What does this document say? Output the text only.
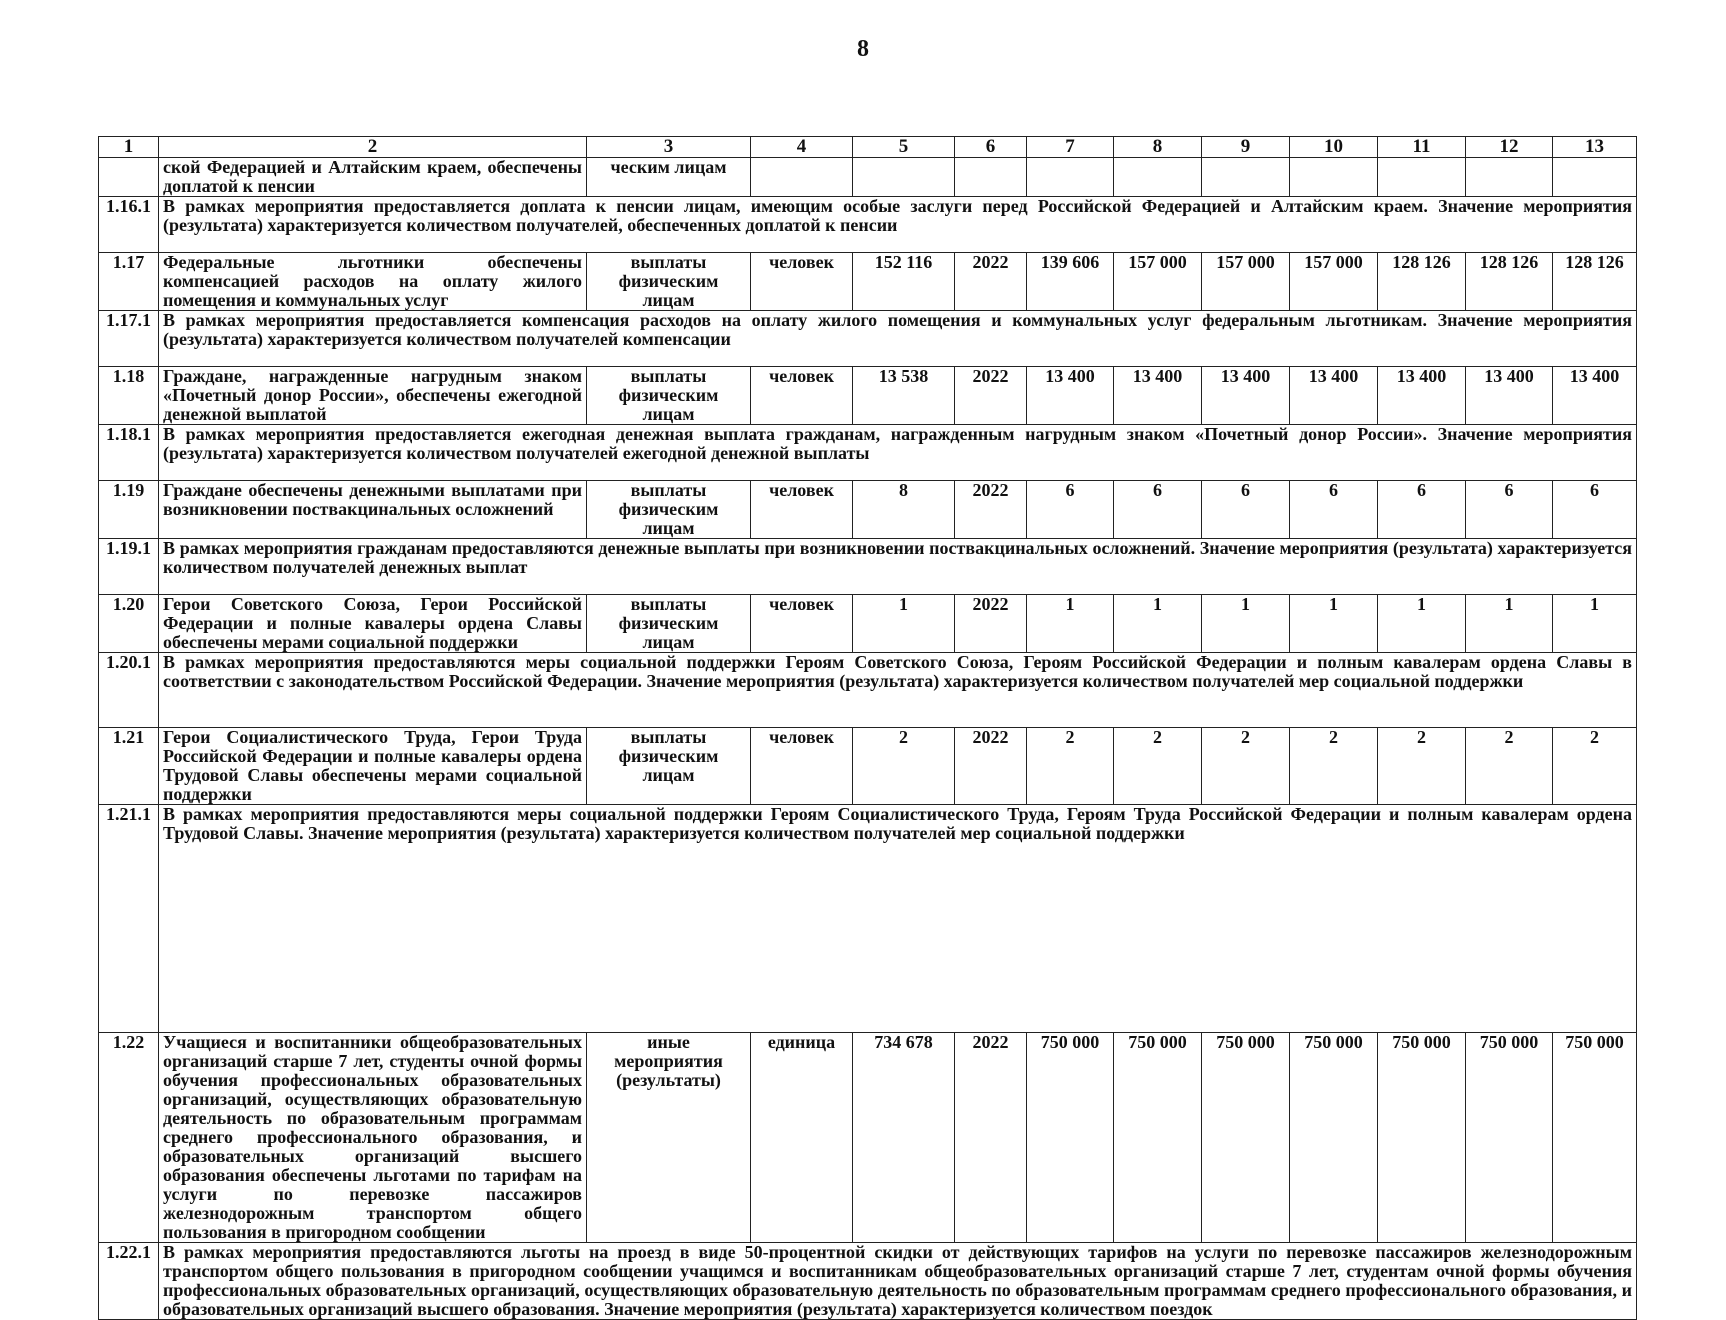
8
1	2	3	4	5	6	7	8	9	10	11	12	13
	ской Федерацией и Алтайским краем, обеспечены доплатой к пенсии	ческим лицам										
1.16.1	В рамках мероприятия предоставляется доплата к пенсии лицам, имеющим особые заслуги перед Российской Федерацией и Алтайским краем. Значение мероприятия (результата) характеризуется количеством получателей, обеспеченных доплатой к пенсии											
1.17	Федеральные льготники обеспечены компенсацией расходов на оплату жилого помещения и коммунальных услуг	выплаты физическим лицам	человек	152 116	2022	139 606	157 000	157 000	157 000	128 126	128 126	128 126
1.17.1	В рамках мероприятия предоставляется компенсация расходов на оплату жилого помещения и коммунальных услуг федеральным льготникам. Значение мероприятия (результата) характеризуется количеством получателей компенсации											
1.18	Граждане, награжденные нагрудным знаком «Почетный донор России», обеспечены ежегодной денежной выплатой	выплаты физическим лицам	человек	13 538	2022	13 400	13 400	13 400	13 400	13 400	13 400	13 400
1.18.1	В рамках мероприятия предоставляется ежегодная денежная выплата гражданам, награжденным нагрудным знаком «Почетный донор России». Значение мероприятия (результата) характеризуется количеством получателей ежегодной денежной выплаты											
1.19	Граждане обеспечены денежными выплатами при возникновении поствакцинальных осложнений	выплаты физическим лицам	человек	8	2022	6	6	6	6	6	6	6
1.19.1	В рамках мероприятия гражданам предоставляются денежные выплаты при возникновении поствакцинальных осложнений. Значение мероприятия (результата) характеризуется количеством получателей денежных выплат											
1.20	Герои Советского Союза, Герои Российской Федерации и полные кавалеры ордена Славы обеспечены мерами социальной поддержки	выплаты физическим лицам	человек	1	2022	1	1	1	1	1	1	1
1.20.1	В рамках мероприятия предоставляются меры социальной поддержки Героям Советского Союза, Героям Российской Федерации и полным кавалерам ордена Славы в соответствии с законодательством Российской Федерации. Значение мероприятия (результата) характеризуется количеством получателей мер социальной поддержки											
1.21	Герои Социалистического Труда, Герои Труда Российской Федерации и полные кавалеры ордена Трудовой Славы обеспечены мерами социальной поддержки	выплаты физическим лицам	человек	2	2022	2	2	2	2	2	2	2
1.21.1	В рамках мероприятия предоставляются меры социальной поддержки Героям Социалистического Труда, Героям Труда Российской Федерации и полным кавалерам ордена Трудовой Славы. Значение мероприятия (результата) характеризуется количеством получателей мер социальной поддержки											
1.22	Учащиеся и воспитанники общеобразовательных организаций старше 7 лет, студенты очной формы обучения профессиональных образовательных организаций, осуществляющих образовательную деятельность по образовательным программам среднего профессионального образования, и образовательных организаций высшего образования обеспечены льготами по тарифам на услуги по перевозке пассажиров железнодорожным транспортом общего пользования в пригородном сообщении	иные мероприятия (результаты)	единица	734 678	2022	750 000	750 000	750 000	750 000	750 000	750 000	750 000
1.22.1	В рамках мероприятия предоставляются льготы на проезд в виде 50-процентной скидки от действующих тарифов на услуги по перевозке пассажиров железнодорожным транспортом общего пользования в пригородном сообщении учащимся и воспитанникам общеобразовательных организаций старше 7 лет, студентам очной формы обучения профессиональных образовательных организаций, осуществляющих образовательную деятельность по образовательным программам среднего профессионального образования, и образовательных организаций высшего образования. Значение мероприятия (результата) характеризуется количеством поездок											
